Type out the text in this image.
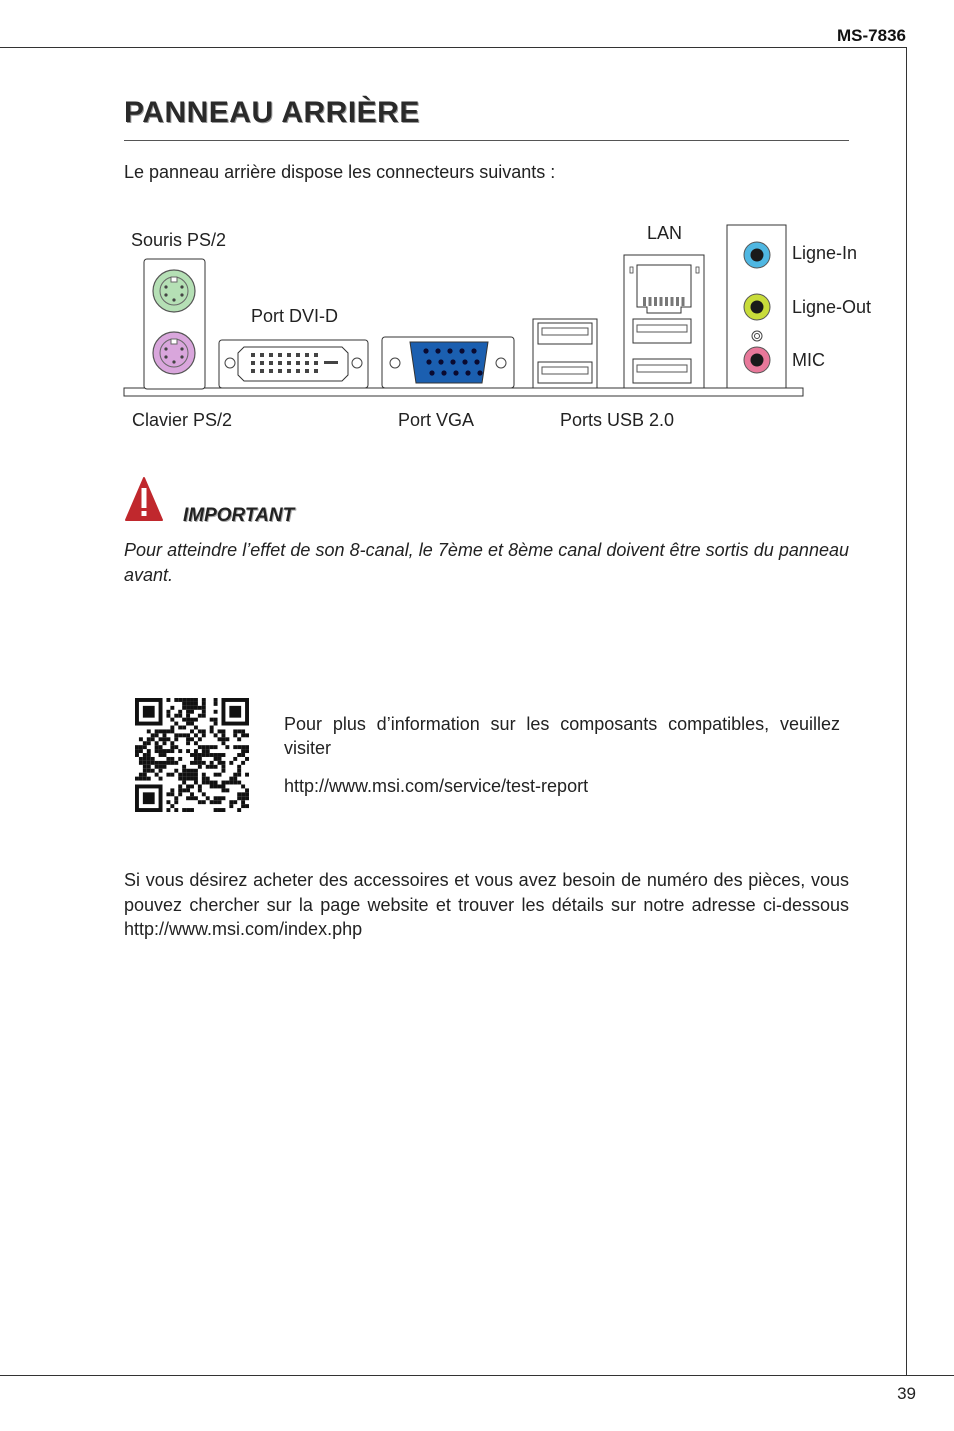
MS-7836
PANNEAU ARRIÈRE
Le panneau arrière dispose les connecteurs suivants :
Souris PS/2
Port DVI-D
LAN
Ligne-In
Ligne-Out
MIC
Clavier PS/2	Port VGA	Ports USB 2.0
IMPORTANT
Pour atteindre l’effet de son 8-canal, le 7ème et 8ème canal doivent être sortis du panneau avant.
Pour plus d’information sur les composants compatibles, veuillez visiter
http://www.msi.com/service/test-report
Si vous désirez acheter des accessoires et vous avez besoin de numéro des pièces, vous pouvez chercher sur la page website et trouver les détails sur notre adresse ci-dessous http://www.msi.com/index.php
39
